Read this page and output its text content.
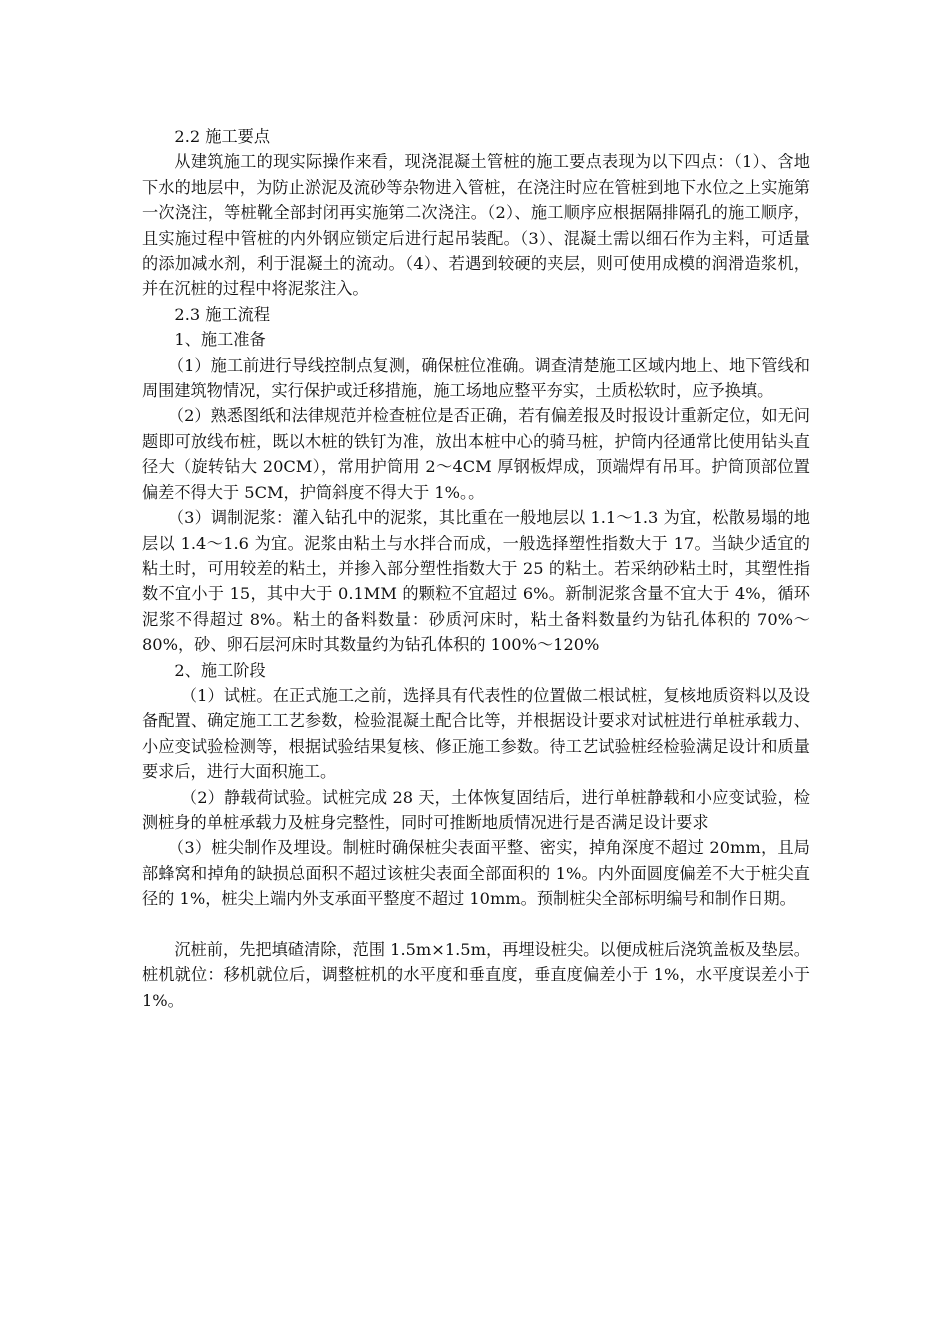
2.2 施工要点

从建筑施工的现实际操作来看，现浇混凝土管桩的施工要点表现为以下四点：（1）、含地下水的地层中，为防止淤泥及流砂等杂物进入管桩，在浇注时应在管桩到地下水位之上实施第一次浇注，等桩靴全部封闭再实施第二次浇注。（2）、施工顺序应根据隔排隔孔的施工顺序，且实施过程中管桩的内外钢应锁定后进行起吊装配。（3）、混凝土需以细石作为主料，可适量的添加减水剂，利于混凝土的流动。（4）、若遇到较硬的夹层，则可使用成模的润滑造浆机，并在沉桩的过程中将泥浆注入。

2.3 施工流程

1、施工准备

（1）施工前进行导线控制点复测，确保桩位准确。调查清楚施工区域内地上、地下管线和周围建筑物情况，实行保护或迁移措施，施工场地应整平夯实，土质松软时，应予换填。

（2）熟悉图纸和法律规范并检查桩位是否正确，若有偏差报及时报设计重新定位，如无问题即可放线布桩，既以木桩的铁钉为准，放出本桩中心的骑马桩，护筒内径通常比使用钻头直径大（旋转钻大 20CM），常用护筒用 2～4CM 厚钢板焊成，顶端焊有吊耳。护筒顶部位置偏差不得大于 5CM，护筒斜度不得大于 1%。。

（3）调制泥浆：灌入钻孔中的泥浆，其比重在一般地层以 1.1～1.3 为宜，松散易塌的地层以 1.4～1.6 为宜。泥浆由粘土与水拌合而成，一般选择塑性指数大于 17。当缺少适宜的粘土时，可用较差的粘土，并掺入部分塑性指数大于 25 的粘土。若采纳砂粘土时，其塑性指数不宜小于 15，其中大于 0.1MM 的颗粒不宜超过 6%。新制泥浆含量不宜大于 4%，循环泥浆不得超过 8%。粘土的备料数量：砂质河床时，粘土备料数量约为钻孔体积的 70%～80%，砂、卵石层河床时其数量约为钻孔体积的 100%～120%

2、施工阶段

（1）试桩。在正式施工之前，选择具有代表性的位置做二根试桩，复核地质资料以及设备配置、确定施工工艺参数，检验混凝土配合比等，并根据设计要求对试桩进行单桩承载力、小应变试验检测等，根据试验结果复核、修正施工参数。待工艺试验桩经检验满足设计和质量要求后，进行大面积施工。

（2）静载荷试验。试桩完成 28 天，土体恢复固结后，进行单桩静载和小应变试验，检测桩身的单桩承载力及桩身完整性，同时可推断地质情况进行是否满足设计要求

（3）桩尖制作及埋设。制桩时确保桩尖表面平整、密实，掉角深度不超过 20mm，且局部蜂窝和掉角的缺损总面积不超过该桩尖表面全部面积的 1%。内外面圆度偏差不大于桩尖直径的 1%，桩尖上端内外支承面平整度不超过 10mm。预制桩尖全部标明编号和制作日期。

沉桩前，先把填碴清除，范围 1.5m×1.5m，再埋设桩尖。以便成桩后浇筑盖板及垫层。桩机就位：移机就位后，调整桩机的水平度和垂直度，垂直度偏差小于 1%，水平度误差小于 1%。
